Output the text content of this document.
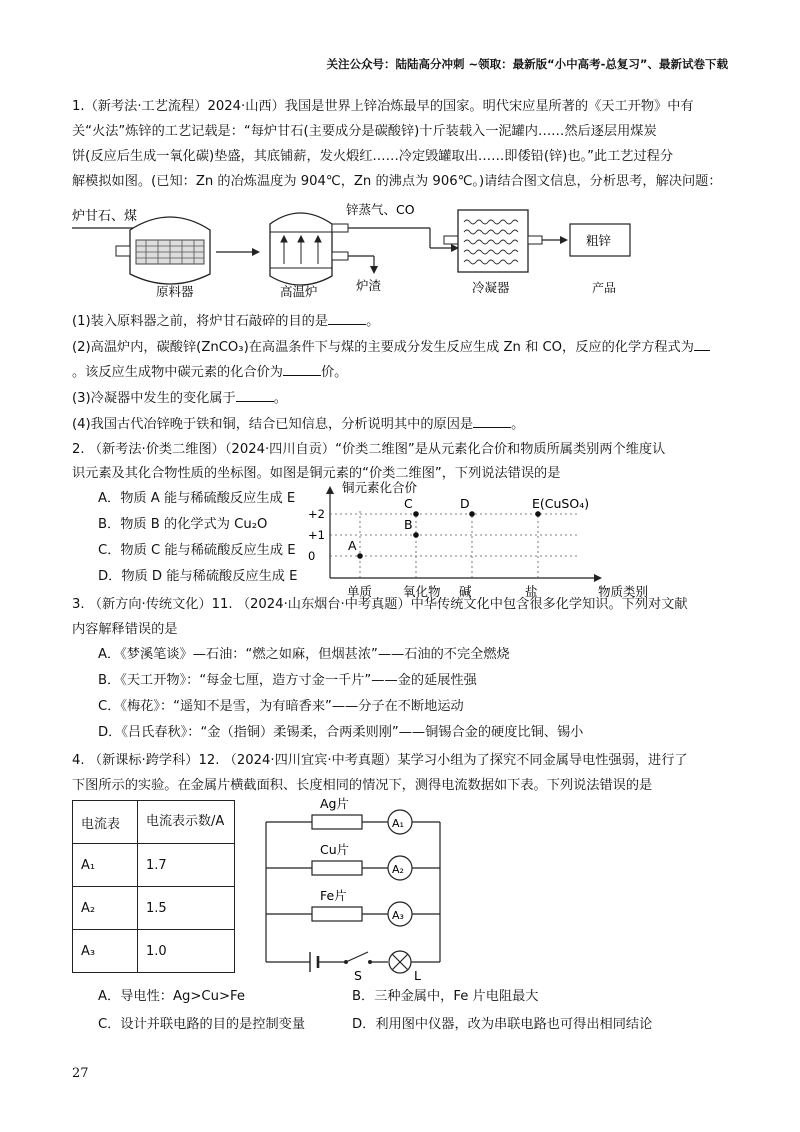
关注公众号：陆陆高分冲刺 ~领取：最新版“小中高考-总复习”、最新试卷下载
1.（新考法·工艺流程）2024·山西）我国是世界上锌冶炼最早的国家。明代宋应星所著的《天工开物》中有
关“火法”炼锌的工艺记载是：“每炉甘石(主要成分是碳酸锌)十斤装载入一泥罐内……然后逐层用煤炭
饼(反应后生成一氧化碳)垫盛，其底铺薪，发火煅红……冷定毁罐取出……即倭铅(锌)也。”此工艺过程分
解模拟如图。(已知：Zn 的冶炼温度为 904℃，Zn 的沸点为 906℃。)请结合图文信息，分析思考，解决问题：
炉甘石、煤
原料器	高温炉
锌蒸气、CO
炉渣	冷凝器
粗锌
产品
(1)装入原料器之前，将炉甘石敲碎的目的是	。
(2)高温炉内，碳酸锌(ZnCO₃)在高温条件下与煤的主要成分发生反应生成 Zn 和 CO，反应的化学方程式为
。该反应生成物中碳元素的化合价为	价。
(3)冷凝器中发生的变化属于	。
(4)我国古代冶锌晚于铁和铜，结合已知信息，分析说明其中的原因是	。
2. （新考法·价类二维图）（2024·四川自贡）“价类二维图”是从元素化合价和物质所属类别两个维度认
识元素及其化合物性质的坐标图。如图是铜元素的“价类二维图”，下列说法错误的是
A．物质 A 能与稀硫酸反应生成 E
B．物质 B 的化学式为 Cu₂O
C．物质 C 能与稀硫酸反应生成 E
D．物质 D 能与稀硫酸反应生成 E
铜元素化合价
物质类别
0
+1
+2
单质 氧化物 碱	盐
A
B
C	D	E(CuSO₄)
3. （新方向·传统文化）11. （2024·山东烟台·中考真题）中华传统文化中包含很多化学知识。下列对文献
内容解释错误的是
A．《梦溪笔谈》—石油：“燃之如麻，但烟甚浓”——石油的不完全燃烧
B．《天工开物》：“每金七厘，造方寸金一千片”——金的延展性强
C．《梅花》：“遥知不是雪，为有暗香来”——分子在不断地运动
D．《吕氏春秋》：“金（指铜）柔锡柔，合两柔则刚”——铜锡合金的硬度比铜、锡小
4. （新课标·跨学科）12. （2024·四川宜宾·中考真题）某学习小组为了探究不同金属导电性强弱，进行了
下图所示的实验。在金属片横截面积、长度相同的情况下，测得电流数据如下表。下列说法错误的是
电流表	电流表示数/A
A₁	1.7
A₂	1.5
A₃	1.0
Ag片
Cu片
Fe片
A₁
A₂
A₃
S	L
A．导电性：Ag>Cu>Fe	B．三种金属中，Fe 片电阻最大
C．设计并联电路的目的是控制变量	D．利用图中仪器，改为串联电路也可得出相同结论
27
